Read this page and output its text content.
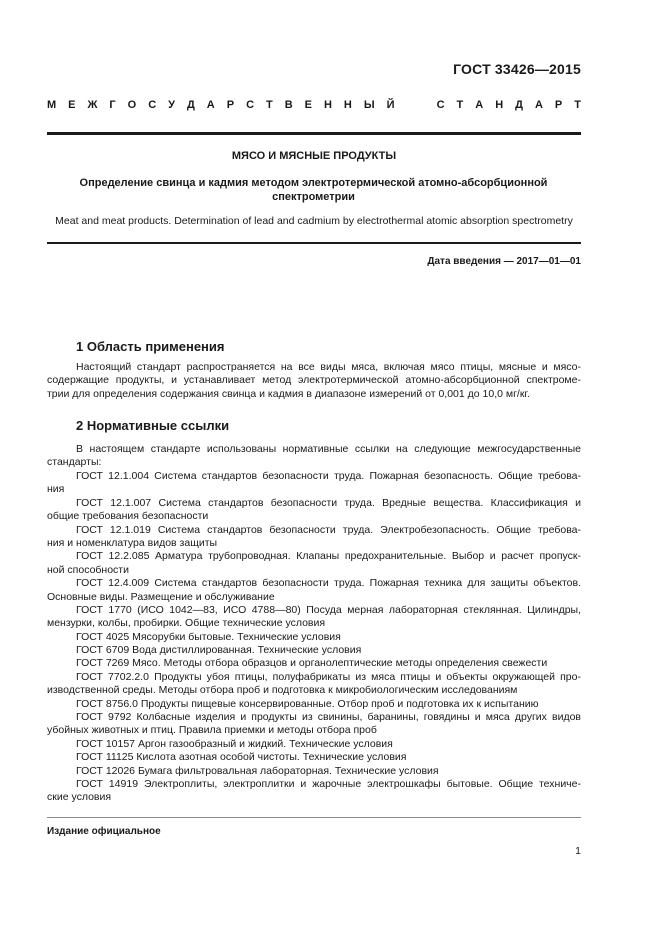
ГОСТ 33426—2015
М Е Ж Г О С У Д А Р С Т В Е Н Н Ы Й

	С Т А Н Д А Р Т
МЯСО И МЯСНЫЕ ПРОДУКТЫ
Определение свинца и кадмия методом электротермической атомно-абсорбционной
спектрометрии
Meat and meat products. Determination of lead and cadmium by electrothermal atomic absorption spectrometry
Дата введения — 2017—01—01
1 Область применения
Настоящий стандарт распространяется на все виды мяса, включая мясо птицы, мясные и мясо-
содержащие продукты, и устанавливает метод электротермической атомно-абсорбционной спектроме-
трии для определения содержания свинца и кадмия в диапазоне измерений от 0,001 до 10,0 мг/кг.
2 Нормативные ссылки
В настоящем стандарте использованы нормативные ссылки на следующие межгосударственные
стандарты:
ГОСТ 12.1.004 Система стандартов безопасности труда. Пожарная безопасность. Общие требова-
ния
ГОСТ 12.1.007 Система стандартов безопасности труда. Вредные вещества. Классификация и
общие требования безопасности
ГОСТ 12.1.019 Система стандартов безопасности труда. Электробезопасность. Общие требова-
ния и номенклатура видов защиты
ГОСТ 12.2.085 Арматура трубопроводная. Клапаны предохранительные. Выбор и расчет пропуск-
ной способности
ГОСТ 12.4.009 Система стандартов безопасности труда. Пожарная техника для защиты объектов.
Основные виды. Размещение и обслуживание
ГОСТ 1770 (ИСО 1042—83, ИСО 4788—80) Посуда мерная лабораторная стеклянная. Цилиндры,
мензурки, колбы, пробирки. Общие технические условия
ГОСТ 4025 Мясорубки бытовые. Технические условия
ГОСТ 6709 Вода дистиллированная. Технические условия
ГОСТ 7269 Мясо. Методы отбора образцов и органолептические методы определения свежести
ГОСТ 7702.2.0 Продукты убоя птицы, полуфабрикаты из мяса птицы и объекты окружающей про-
изводственной среды. Методы отбора проб и подготовка к микробиологическим исследованиям
ГОСТ 8756.0 Продукты пищевые консервированные. Отбор проб и подготовка их к испытанию
ГОСТ 9792 Колбасные изделия и продукты из свинины, баранины, говядины и мяса других видов
убойных животных и птиц. Правила приемки и методы отбора проб
ГОСТ 10157 Аргон газообразный и жидкий. Технические условия
ГОСТ 11125 Кислота азотная особой чистоты. Технические условия
ГОСТ 12026 Бумага фильтровальная лабораторная. Технические условия
ГОСТ 14919 Электроплиты, электроплитки и жарочные электрошкафы бытовые. Общие техниче-
ские условия
Издание официальное
1
